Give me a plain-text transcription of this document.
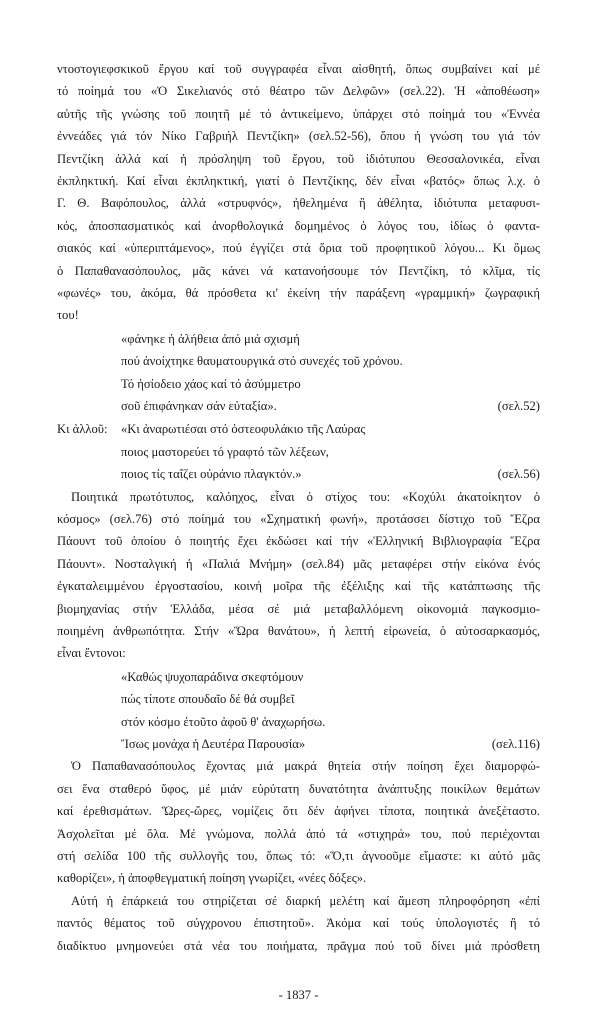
ντοστογιεφσκικοῦ ἔργου καί τοῦ συγγραφέα εἶναι αἰσθητή, ὅπως συμβαίνει καί μέ
τό ποίημά του «Ὁ Σικελιανός στό θέατρο τῶν Δελφῶν» (σελ.22). Ἡ «ἀποθέωση»
αὐτῆς τῆς γνώσης τοῦ ποιητῆ μέ τό ἀντικείμενο, ὑπάρχει στό ποίημά του «Ἐννέα
ἐννεάδες γιά τόν Νίκο Γαβριήλ Πεντζίκη» (σελ.52-56), ὅπου ἡ γνώση του γιά τόν
Πεντζίκη ἀλλά καί ἡ πρόσληψη τοῦ ἔργου, τοῦ ἰδιότυπου Θεσσαλονικέα, εἶναι
ἐκπληκτική. Καί εἶναι ἐκπληκτική, γιατί ὁ Πεντζίκης, δέν εἶναι «βατός» ὅπως λ.χ. ὁ
Γ. Θ. Βαφόπουλος, ἀλλά «στρυφνός», ἠθελημένα ἢ ἀθέλητα, ἰδιότυπα μεταφυσι-
κός, ἀποσπασματικός καί ἀνορθολογικά δομημένος ὁ λόγος του, ἰδίως ὁ φαντα-
σιακός καί «ὑπεριπτάμενος», πού ἐγγίζει στά ὅρια τοῦ προφητικοῦ λόγου... Κι ὅμως
ὁ Παπαθανασόπουλος, μᾶς κάνει νά κατανοήσουμε τόν Πεντζίκη, τό κλῖμα, τίς
«φωνές» του, ἀκόμα, θά πρόσθετα κι' ἐκείνη τήν παράξενη «γραμμική» ζωγραφική
του!
«φάνηκε ἡ ἀλήθεια ἀπό μιά σχισμή
πού ἀνοίχτηκε θαυματουργικά στό συνεχές τοῦ χρόνου.
Τό ἠσίοδειο χάος καί τό ἀσύμμετρο
σοῦ ἐπιφάνηκαν σάν εὐταξία».	(σελ.52)
Κι ἀλλοῦ: «Κι ἀναρωτιέσαι στό ὀστεοφυλάκιο τῆς Λαύρας
ποιος μαστορεύει τό γραφτό τῶν λέξεων,
ποιος τίς ταΐζει οὐράνιο πλαγκτόν.»	(σελ.56)
Ποιητικά πρωτότυπος, καλόηχος, εἶναι ὁ στίχος του: «Κοχύλι ἀκατοίκητον ὁ
κόσμος» (σελ.76) στό ποίημά του «Σχηματική φωνή», προτάσσει δίστιχο τοῦ Ἔζρα
Πάουντ τοῦ ὁποίου ὁ ποιητής ἔχει ἐκδώσει καί τήν «Ἑλληνική Βιβλιογραφία Ἔζρα
Πάουντ». Νοσταλγική ἡ «Παλιά Μνήμη» (σελ.84) μᾶς μεταφέρει στήν εἰκόνα ἑνός
ἐγκαταλειμμένου ἐργοστασίου, κοινή μοῖρα τῆς ἐξέλιξης καί τῆς κατάπτωσης τῆς
βιομηχανίας στήν Ἑλλάδα, μέσα σέ μιά μεταβαλλόμενη οἰκονομιά παγκοσμιο-
ποιημένη ἀνθρωπότητα. Στήν «Ὥρα θανάτου», ἡ λεπτή εἰρωνεία, ὁ αὐτοσαρκασμός,
εἶναι ἔντονοι:
«Καθώς ψυχοπαράδινα σκεφτόμουν
πώς τίποτε σπουδαῖο δέ θά συμβεῖ
στόν κόσμο ἐτοῦτο ἀφοῦ θ' ἀναχωρήσω.
Ἴσως μονάχα ἡ Δευτέρα Παρουσία»	(σελ.116)
Ὁ Παπαθανασόπουλος ἔχοντας μιά μακρά θητεία στήν ποίηση ἔχει διαμορφώ-
σει ἕνα σταθερό ὕφος, μέ μιάν εὐρύτατη δυνατότητα ἀνάπτυξης ποικίλων θεμάτων
καί ἐρεθισμάτων. Ὥρες-ὥρες, νομίζεις ὅτι δέν ἀφήνει τίποτα, ποιητικά ἀνεξέταστο.
Ἀσχολεῖται μέ ὅλα. Μέ γνώμονα, πολλά ἀπό τά «στιχηρά» του, πού περιέχονται
στή σελίδα 100 τῆς συλλογῆς του, ὅπως τό: «Ὅ,τι ἀγνοοῦμε εἴμαστε: κι αὐτό μᾶς
καθορίζει», ἡ ἀποφθεγματική ποίηση γνωρίζει, «νέες δόξες».
Αὐτή ἡ ἐπάρκειά του στηρίζεται σέ διαρκή μελέτη καί ἄμεση πληροφόρηση «ἐπί
παντός θέματος τοῦ σύγχρονου ἐπιστητοῦ». Ἀκόμα καί τούς ὑπολογιστές ἢ τό
διαδίκτυο μνημονεύει στά νέα του ποιήματα, πρᾶγμα πού τοῦ δίνει μιά πρόσθετη
- 1837 -
